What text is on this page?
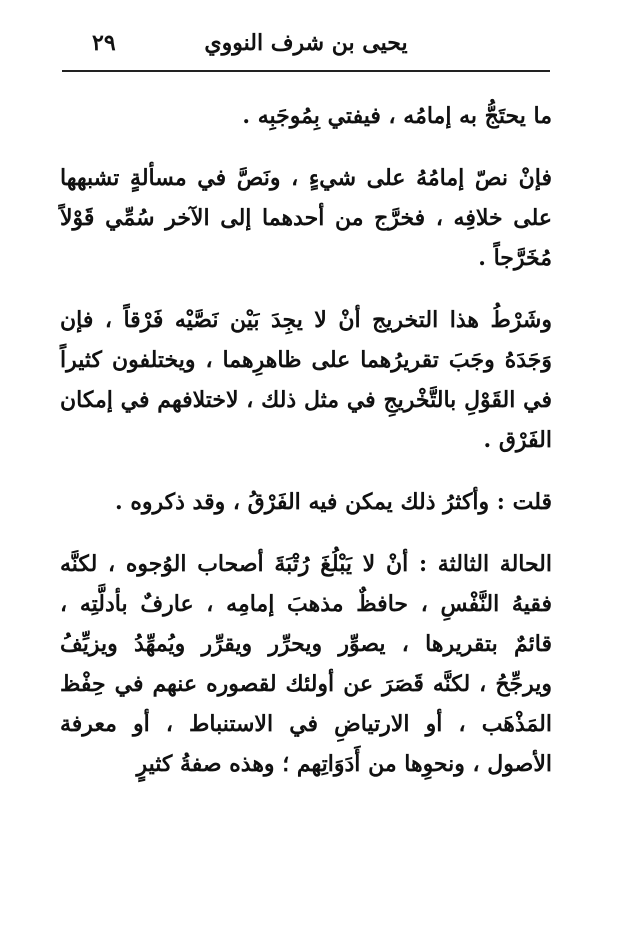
٢٩	يحيى بن شرف النووي

ما يحتَجُّ به إمامُه ، فيفتي بِمُوجَبِه .

فإنْ نصّ إمامُهُ على شيءٍ ، ونَصَّ في مسألةٍ تشبهها على خلافِه ، فخرَّج من أحدهما إلى الآخر سُمِّي قَوْلاً مُخَرَّجاً .

وشَرْطُ هذا التخريج أنْ لا يجِدَ بَيْن نَصَّيْه فَرْقاً ، فإن وَجَدَهُ وجَبَ تقريرُهما على ظاهرِهما ، ويختلفون كثيراً في القَوْلِ بالتَّخْريجِ في مثل ذلك ، لاختلافهم في إمكان الفَرْق .

قلت : وأكثرُ ذلك يمكن فيه الفَرْقُ ، وقد ذكروه .

الحالة الثالثة : أنْ لا يَبْلُغَ رُتْبَةَ أصحاب الوُجوه ، لكنَّه فقيهُ النَّفْسِ ، حافظٌ مذهبَ إمامِه ، عارفٌ بأدلَّتِه ، قائمٌ بتقريرها ، يصوِّر ويحرِّر ويقرِّر ويُمهِّدُ ويزيِّفُ ويرجِّحُ ، لكنَّه قَصَرَ عن أولئك لقصوره عنهم في حِفْظ المَذْهَب ، أو الارتياضِ في الاستنباط ، أو معرفة الأصول ، ونحوِها من أَدَوَاتِهم ؛ وهذه صفةُ كثيرٍ
